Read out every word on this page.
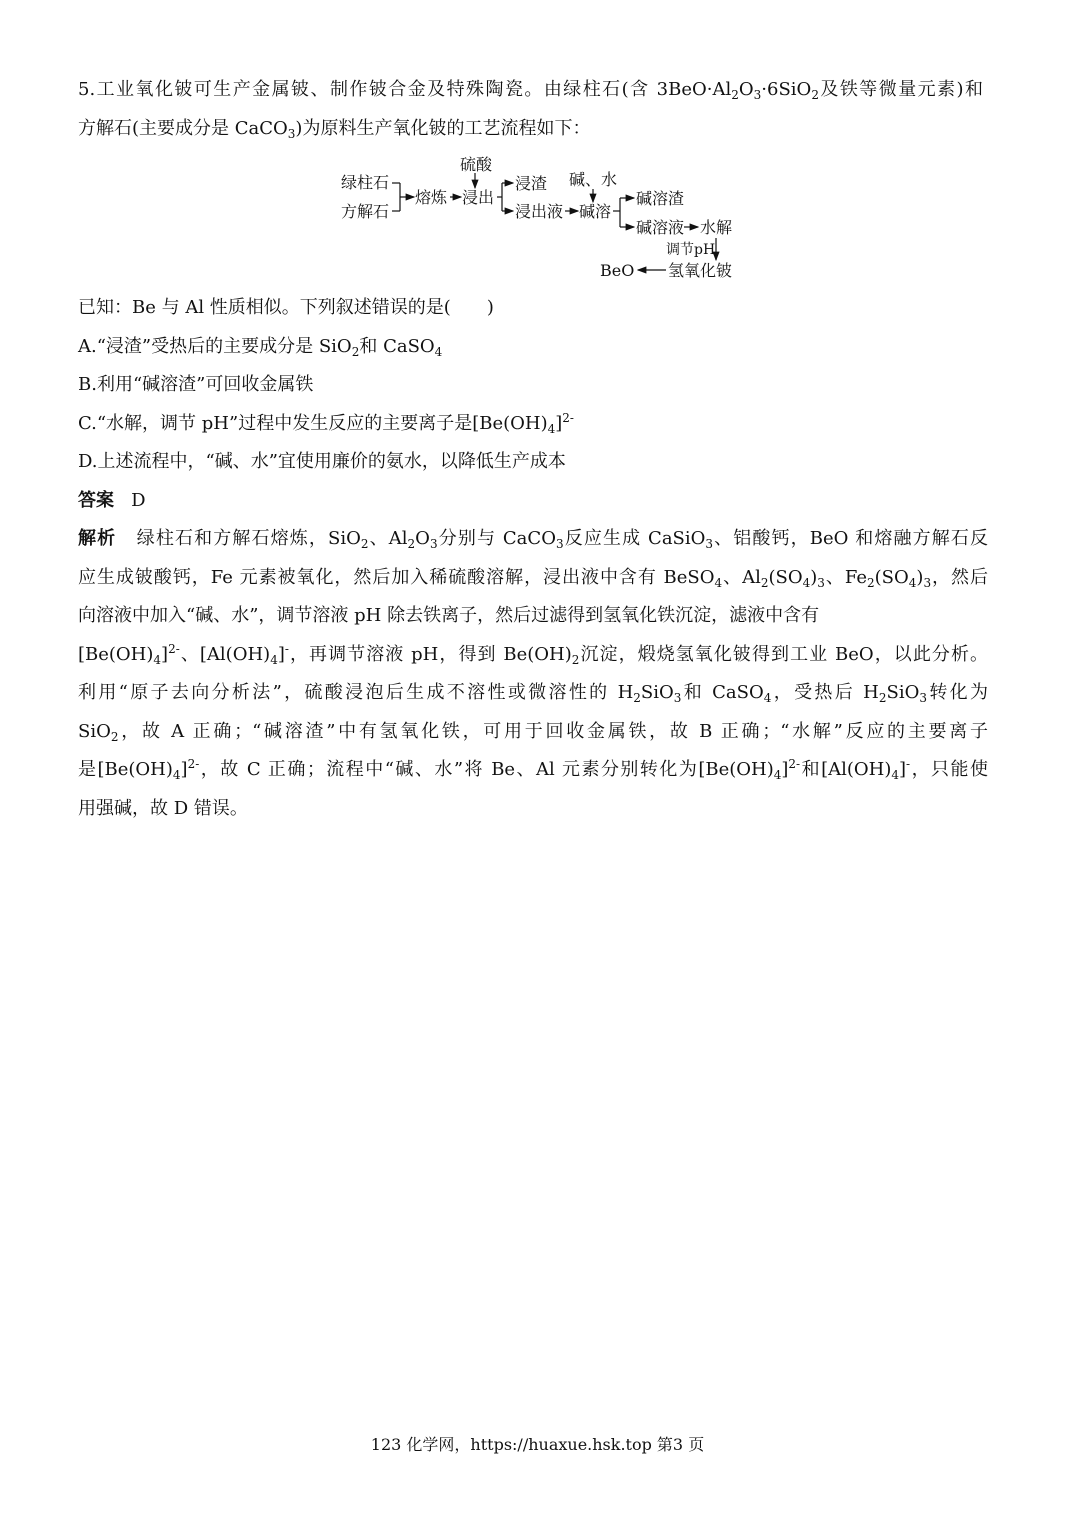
5.工业氧化铍可生产金属铍、制作铍合金及特殊陶瓷。由绿柱石(含 $3BeO\cdot Al_2O_3\cdot 6SiO_2$及铁等微量元素)和
方解石(主要成分是 CaCO$_3$)为原料生产氧化铍的工艺流程如下：
绿柱石
方解石
熔炼
硫酸
浸出
浸渣
浸出液
碱、水
碱溶
碱溶渣
碱溶液 水解
调节pH
氢氧化铍
BeO
已知：Be 与 Al 性质相似。下列叙述错误的是(　　)
A.“浸渣”受热后的主要成分是 SiO$_2$和 CaSO$_4$
B.利用“碱溶渣”可回收金属铁
C.“水解，调节 pH”过程中发生反应的主要离子是$[Be(OH)_4]^{2-}$
D.上述流程中，“碱、水”宜使用廉价的氨水，以降低生产成本
答案 D
解析 绿柱石和方解石熔炼，SiO$_2$、$Al_2O_3$分别与 CaCO$_3$反应生成 CaSiO$_3$、铝酸钙，BeO 和熔融方解石反
应生成铍酸钙，Fe 元素被氧化，然后加入稀硫酸溶解，浸出液中含有 BeSO$_4$、$Al_2(SO_4)_3$、$Fe_2(SO_4)_3$，然后
向溶液中加入“碱、水”，调节溶液 pH 除去铁离子，然后过滤得到氢氧化铁沉淀，滤液中含有
$[Be(OH)_4]^{2-}$、$[Al(OH)_4]^-$，再调节溶液 pH，得到 $Be(OH)_2$沉淀，煅烧氢氧化铍得到工业 BeO，以此分析。
利用“原子去向分析法”，硫酸浸泡后生成不溶性或微溶性的 $H_2SiO_3$和 CaSO$_4$，受热后 $H_2SiO_3$转化为
SiO$_2$，故 A 正确；“碱溶渣”中有氢氧化铁，可用于回收金属铁，故 B 正确；“水解”反应的主要离子
是$[Be(OH)_4]^{2-}$，故 C 正确；流程中“碱、水”将 Be、Al 元素分别转化为$[Be(OH)_4]^{2-}$和$[Al(OH)_4]^-$，只能使
用强碱，故 D 错误。
123 化学网，https://huaxue.hsk.top 第3 页
